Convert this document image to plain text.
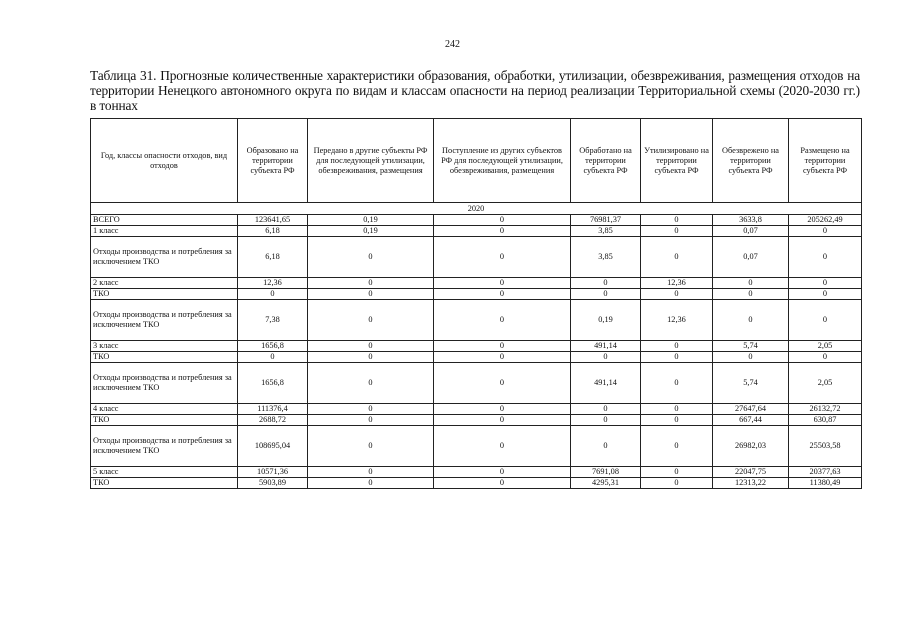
242
Таблица 31. Прогнозные количественные характеристики образования, обработки, утилизации, обезвреживания, размещения отходов на территории Ненецкого автономного округа по видам и классам опасности на период реализации Территориальной схемы (2020-2030 гг.) в тоннах
Год, классы опасности отходов, вид отходов	Образовано на территории субъекта РФ	Передано в другие субъекты РФ для последующей утилизации, обезвреживания, размещения	Поступление из других субъектов РФ для последующей утилизации, обезвреживания, размещения	Обработано на территории субъекта РФ	Утилизировано на территории субъекта РФ	Обезврежено на территории субъекта РФ	Размещено на территории субъекта РФ
2020							
ВСЕГО	123641,65	0,19	0	76981,37	0	3633,8	205262,49
1 класс	6,18	0,19	0	3,85	0	0,07	0
Отходы производства и потребления за исключением ТКО	6,18	0	0	3,85	0	0,07	0
2 класс	12,36	0	0	0	12,36	0	0
ТКО	0	0	0	0	0	0	0
Отходы производства и потребления за исключением ТКО	7,38	0	0	0,19	12,36	0	0
3 класс	1656,8	0	0	491,14	0	5,74	2,05
ТКО	0	0	0	0	0	0	0
Отходы производства и потребления за исключением ТКО	1656,8	0	0	491,14	0	5,74	2,05
4 класс	111376,4	0	0	0	0	27647,64	26132,72
ТКО	2688,72	0	0	0	0	667,44	630,87
Отходы производства и потребления за исключением ТКО	108695,04	0	0	0	0	26982,03	25503,58
5 класс	10571,36	0	0	7691,08	0	22047,75	20377,63
ТКО	5903,89	0	0	4295,31	0	12313,22	11380,49
